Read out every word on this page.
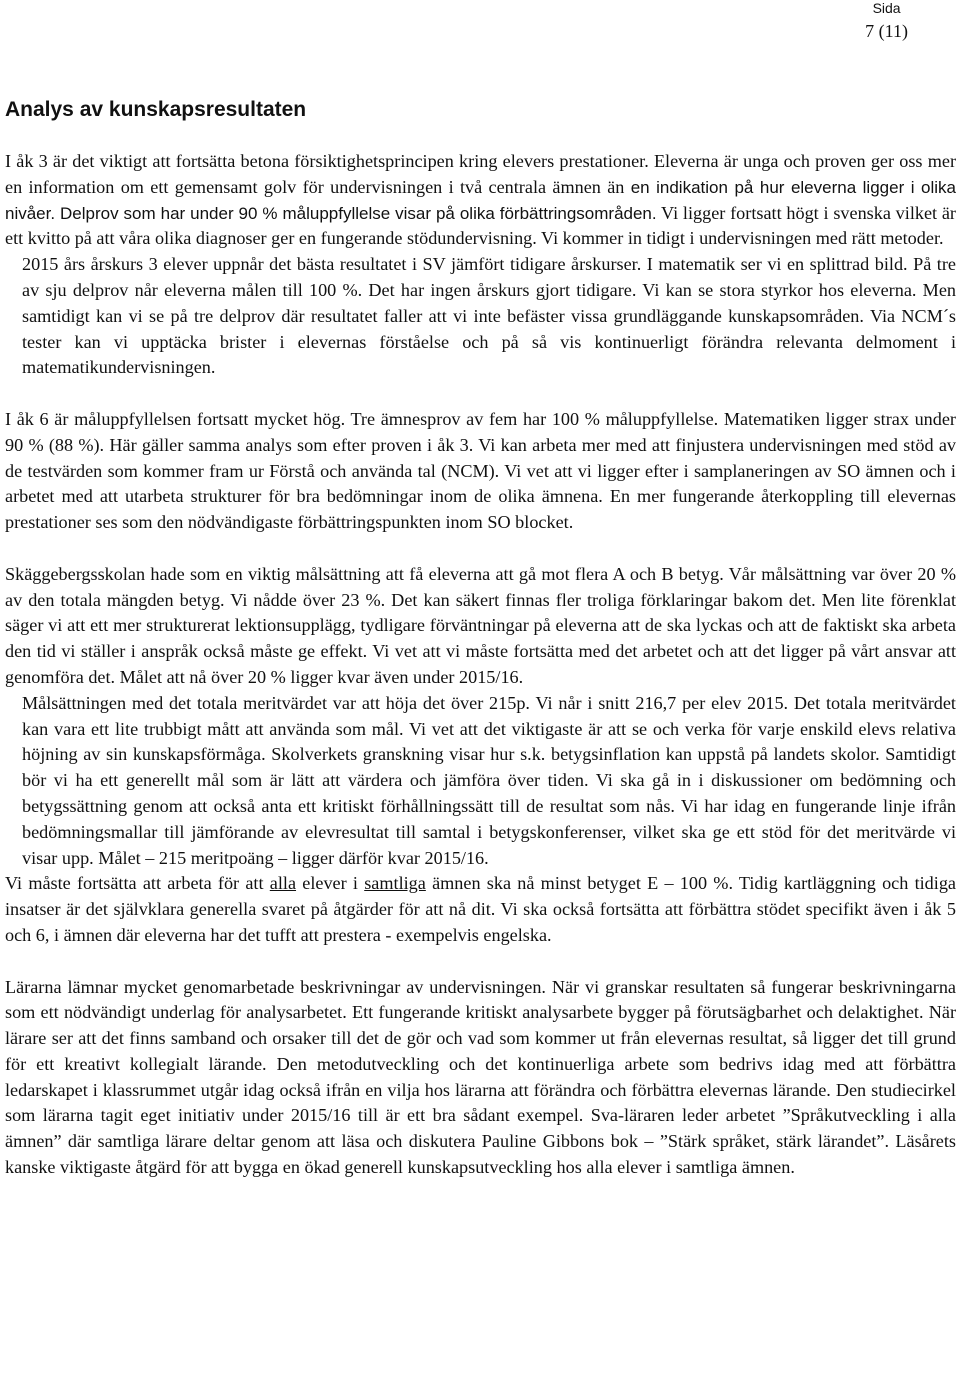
Sida
7 (11)
Analys av kunskapsresultaten

I åk 3 är det viktigt att fortsätta betona försiktighetsprincipen kring elevers prestationer. Eleverna är unga och proven ger oss mer en information om ett gemensamt golv för undervisningen i två centrala ämnen än en indikation på hur eleverna ligger i olika nivåer. Delprov som har under 90 % måluppfyllelse visar på olika förbättringsområden. Vi ligger fortsatt högt i svenska vilket är ett kvitto på att våra olika diagnoser ger en fungerande stödundervisning. Vi kommer in tidigt i undervisningen med rätt metoder.

2015 års årskurs 3 elever uppnår det bästa resultatet i SV jämfört tidigare årskurser. I matematik ser vi en splittrad bild. På tre av sju delprov når eleverna målen till 100 %. Det har ingen årskurs gjort tidigare. Vi kan se stora styrkor hos eleverna. Men samtidigt kan vi se på tre delprov där resultatet faller att vi inte befäster vissa grundläggande kunskapsområden. Via NCM´s tester kan vi upptäcka brister i elevernas förståelse och på så vis kontinuerligt förändra relevanta delmoment i matematikundervisningen.

I åk 6 är måluppfyllelsen fortsatt mycket hög. Tre ämnesprov av fem har 100 % måluppfyllelse. Matematiken ligger strax under 90 % (88 %). Här gäller samma analys som efter proven i åk 3. Vi kan arbeta mer med att finjustera undervisningen med stöd av de testvärden som kommer fram ur Förstå och använda tal (NCM). Vi vet att vi ligger efter i samplaneringen av SO ämnen och i arbetet med att utarbeta strukturer för bra bedömningar inom de olika ämnena. En mer fungerande återkoppling till elevernas prestationer ses som den nödvändigaste förbättringspunkten inom SO blocket.

Skäggebergsskolan hade som en viktig målsättning att få eleverna att gå mot flera A och B betyg. Vår målsättning var över 20 % av den totala mängden betyg. Vi nådde över 23 %. Det kan säkert finnas fler troliga förklaringar bakom det. Men lite förenklat säger vi att ett mer strukturerat lektionsupplägg, tydligare förväntningar på eleverna att de ska lyckas och att de faktiskt ska arbeta den tid vi ställer i anspråk också måste ge effekt. Vi vet att vi måste fortsätta med det arbetet och att det ligger på vårt ansvar att genomföra det. Målet att nå över 20 % ligger kvar även under 2015/16.

Målsättningen med det totala meritvärdet var att höja det över 215p. Vi når i snitt 216,7 per elev 2015. Det totala meritvärdet kan vara ett lite trubbigt mått att använda som mål. Vi vet att det viktigaste är att se och verka för varje enskild elevs relativa höjning av sin kunskapsförmåga. Skolverkets granskning visar hur s.k. betygsinflation kan uppstå på landets skolor. Samtidigt bör vi ha ett generellt mål som är lätt att värdera och jämföra över tiden. Vi ska gå in i diskussioner om bedömning och betygssättning genom att också anta ett kritiskt förhållningssätt till de resultat som nås. Vi har idag en fungerande linje ifrån bedömningsmallar till jämförande av elevresultat till samtal i betygskonferenser, vilket ska ge ett stöd för det meritvärde vi visar upp. Målet – 215 meritpoäng – ligger därför kvar 2015/16.

Vi måste fortsätta att arbeta för att alla elever i samtliga ämnen ska nå minst betyget E – 100 %. Tidig kartläggning och tidiga insatser är det självklara generella svaret på åtgärder för att nå dit. Vi ska också fortsätta att förbättra stödet specifikt även i åk 5 och 6, i ämnen där eleverna har det tufft att prestera - exempelvis engelska.

Lärarna lämnar mycket genomarbetade beskrivningar av undervisningen. När vi granskar resultaten så fungerar beskrivningarna som ett nödvändigt underlag för analysarbetet. Ett fungerande kritiskt analysarbete bygger på förutsägbarhet och delaktighet. När lärare ser att det finns samband och orsaker till det de gör och vad som kommer ut från elevernas resultat, så ligger det till grund för ett kreativt kollegialt lärande. Den metodutveckling och det kontinuerliga arbete som bedrivs idag med att förbättra ledarskapet i klassrummet utgår idag också ifrån en vilja hos lärarna att förändra och förbättra elevernas lärande. Den studiecirkel som lärarna tagit eget initiativ under 2015/16 till är ett bra sådant exempel. Sva-läraren leder arbetet ”Språkutveckling i alla ämnen” där samtliga lärare deltar genom att läsa och diskutera Pauline Gibbons bok – ”Stärk språket, stärk lärandet”. Läsårets kanske viktigaste åtgärd för att bygga en ökad generell kunskapsutveckling hos alla elever i samtliga ämnen.
